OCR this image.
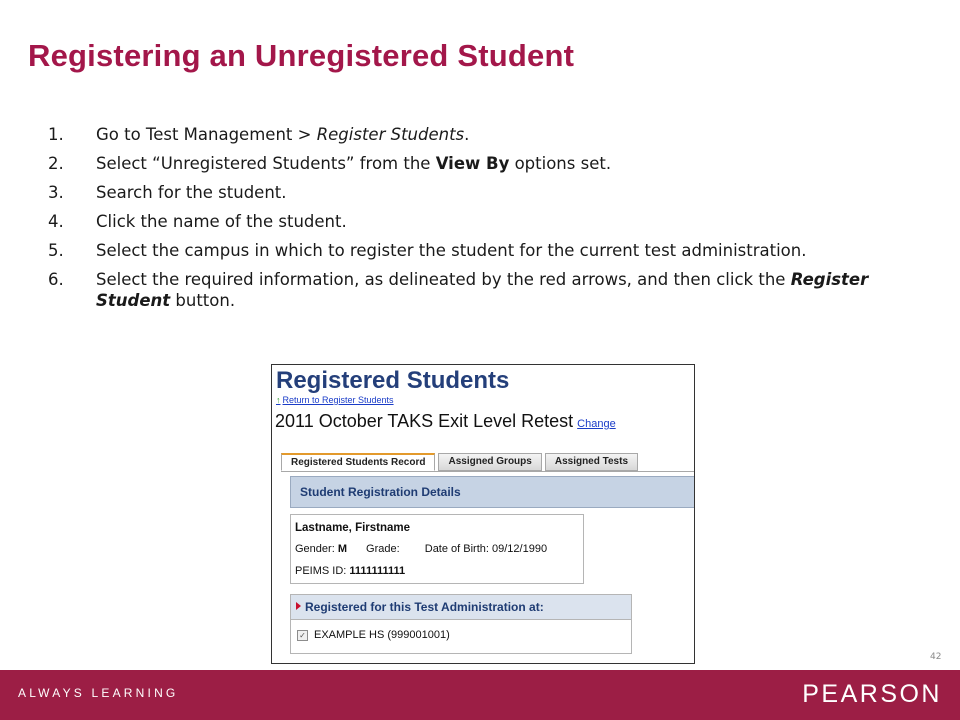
Registering an Unregistered Student
1. Go to Test Management > Register Students.
2. Select “Unregistered Students” from the View By options set.
3. Search for the student.
4. Click the name of the student.
5. Select the campus in which to register the student for the current test administration.
6. Select the required information, as delineated by the red arrows, and then click the Register Student button.
Registered Students
↑ Return to Register Students
2011 October TAKS Exit Level Retest Change
Registered Students Record	Assigned Groups	Assigned Tests
Student Registration Details
Lastname, Firstname
Gender: M Grade: Date of Birth: 09/12/1990
PEIMS ID: 1111111111
Registered for this Test Administration at:
✓ EXAMPLE HS (999001001)
42
ALWAYS LEARNING	PEARSON
